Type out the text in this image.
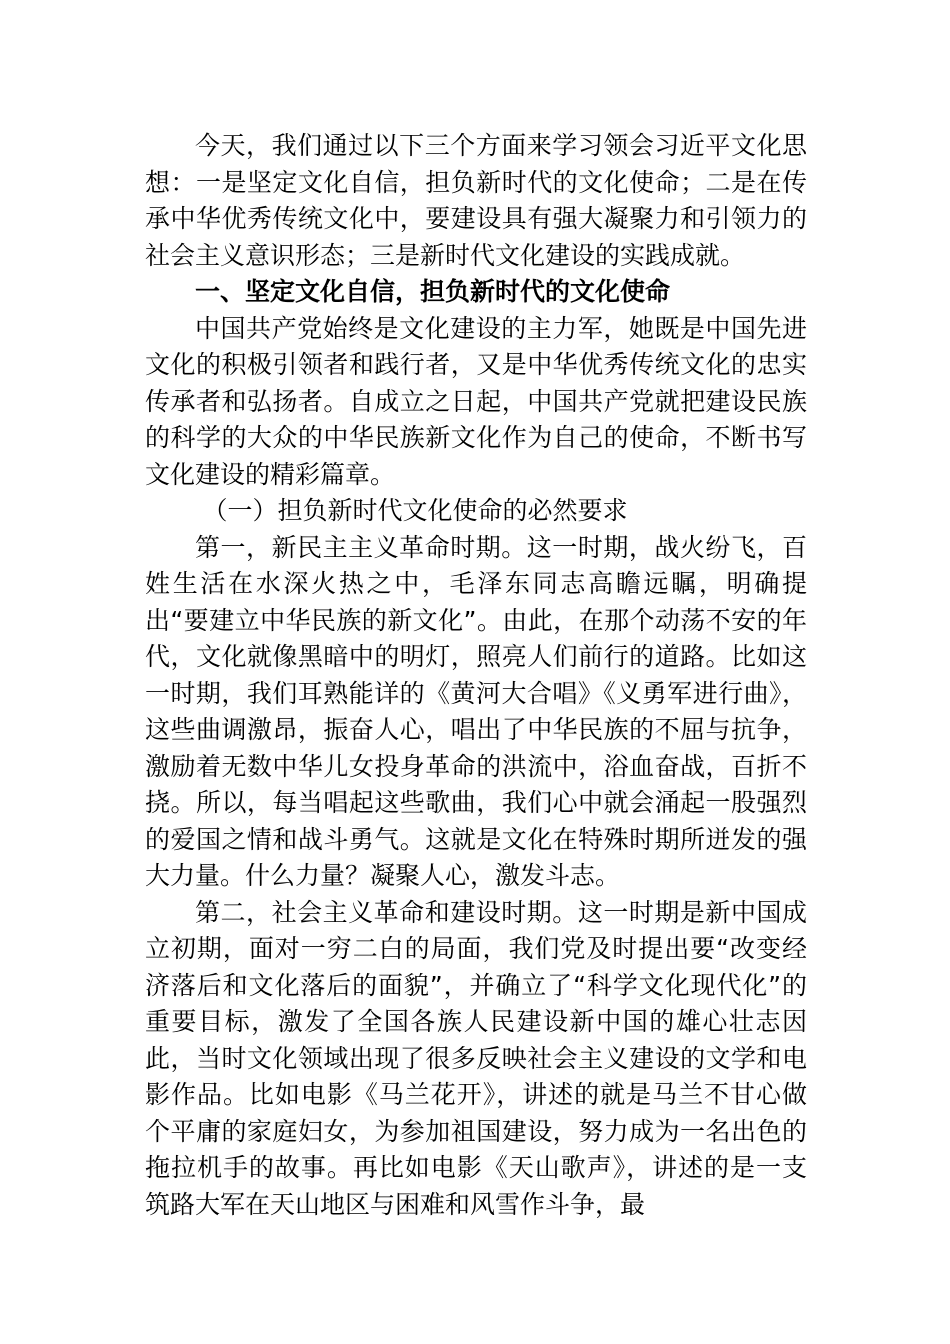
今天，我们通过以下三个方面来学习领会习近平文化思想：一是坚定文化自信，担负新时代的文化使命；二是在传承中华优秀传统文化中，要建设具有强大凝聚力和引领力的社会主义意识形态；三是新时代文化建设的实践成就。

一、坚定文化自信，担负新时代的文化使命

中国共产党始终是文化建设的主力军，她既是中国先进文化的积极引领者和践行者，又是中华优秀传统文化的忠实传承者和弘扬者。自成立之日起，中国共产党就把建设民族的科学的大众的中华民族新文化作为自己的使命，不断书写文化建设的精彩篇章。

（一）担负新时代文化使命的必然要求

第一，新民主主义革命时期。这一时期，战火纷飞，百姓生活在水深火热之中，毛泽东同志高瞻远瞩，明确提出“要建立中华民族的新文化”。由此，在那个动荡不安的年代，文化就像黑暗中的明灯，照亮人们前行的道路。比如这一时期，我们耳熟能详的《黄河大合唱》《义勇军进行曲》，这些曲调激昂，振奋人心，唱出了中华民族的不屈与抗争，激励着无数中华儿女投身革命的洪流中，浴血奋战，百折不挠。所以，每当唱起这些歌曲，我们心中就会涌起一股强烈的爱国之情和战斗勇气。这就是文化在特殊时期所迸发的强大力量。什么力量？凝聚人心，激发斗志。

第二，社会主义革命和建设时期。这一时期是新中国成立初期，面对一穷二白的局面，我们党及时提出要“改变经济落后和文化落后的面貌”，并确立了“科学文化现代化”的重要目标，激发了全国各族人民建设新中国的雄心壮志因此，当时文化领域出现了很多反映社会主义建设的文学和电影作品。比如电影《马兰花开》，讲述的就是马兰不甘心做个平庸的家庭妇女，为参加祖国建设，努力成为一名出色的拖拉机手的故事。再比如电影《天山歌声》，讲述的是一支筑路大军在天山地区与困难和风雪作斗争，最
